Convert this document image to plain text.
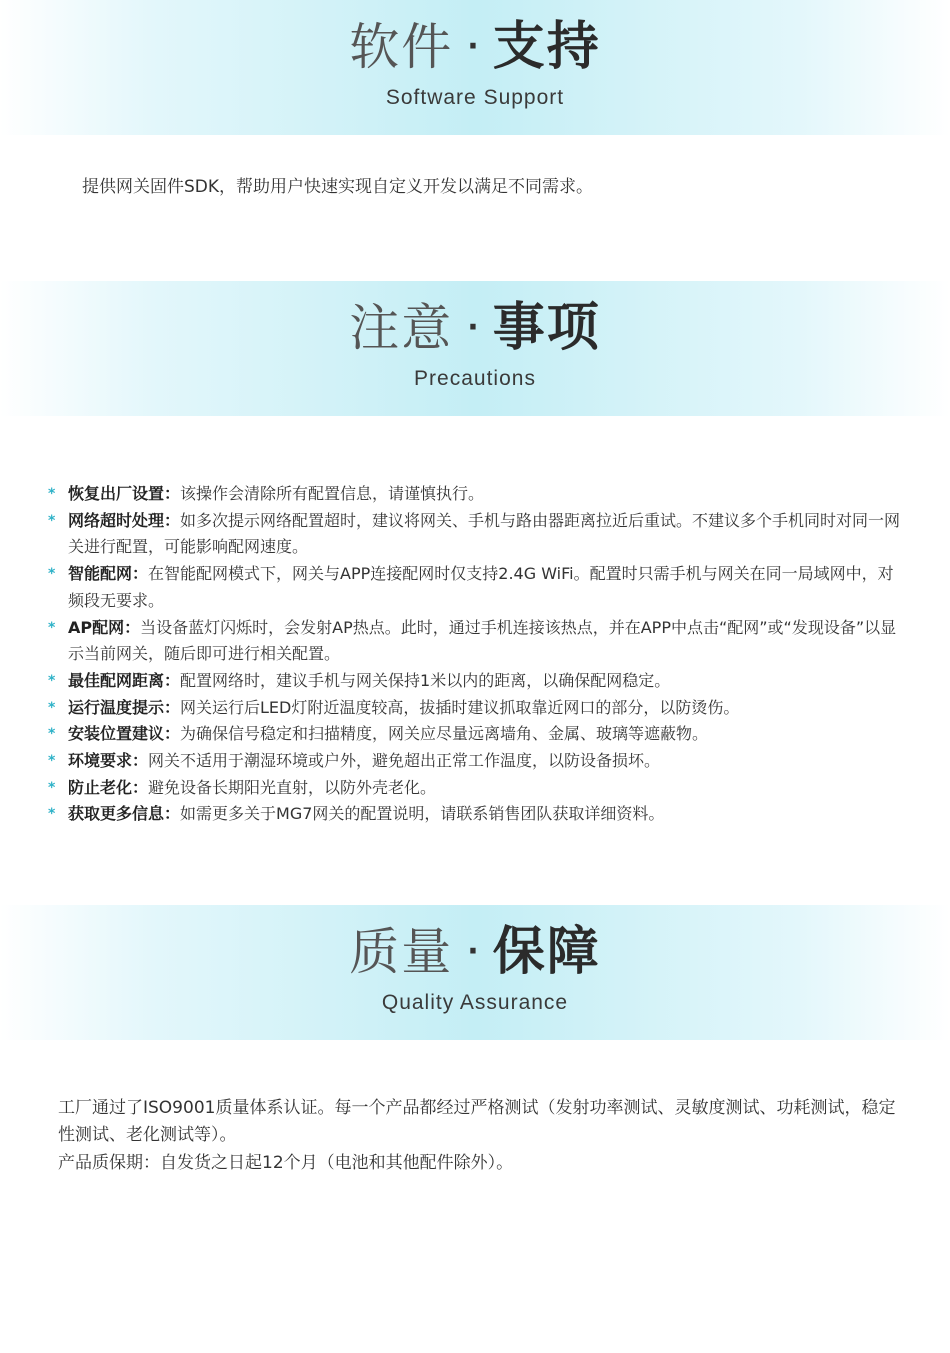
软件 · 支持
Software Support
提供网关固件SDK，帮助用户快速实现自定义开发以满足不同需求。
注意 · 事项
Precautions
* 恢复出厂设置：该操作会清除所有配置信息，请谨慎执行。
* 网络超时处理：如多次提示网络配置超时，建议将网关、手机与路由器距离拉近后重试。不建议多个手机同时对同一网关进行配置，可能影响配网速度。
* 智能配网：在智能配网模式下，网关与APP连接配网时仅支持2.4G WiFi。配置时只需手机与网关在同一局域网中，对频段无要求。
* AP配网：当设备蓝灯闪烁时，会发射AP热点。此时，通过手机连接该热点，并在APP中点击“配网”或“发现设备”以显示当前网关，随后即可进行相关配置。
* 最佳配网距离：配置网络时，建议手机与网关保持1米以内的距离，以确保配网稳定。
* 运行温度提示：网关运行后LED灯附近温度较高，拔插时建议抓取靠近网口的部分，以防烫伤。
* 安装位置建议：为确保信号稳定和扫描精度，网关应尽量远离墙角、金属、玻璃等遮蔽物。
* 环境要求：网关不适用于潮湿环境或户外，避免超出正常工作温度，以防设备损坏。
* 防止老化：避免设备长期阳光直射，以防外壳老化。
* 获取更多信息：如需更多关于MG7网关的配置说明，请联系销售团队获取详细资料。
质量 · 保障
Quality Assurance
工厂通过了ISO9001质量体系认证。每一个产品都经过严格测试（发射功率测试、灵敏度测试、功耗测试，稳定性测试、老化测试等）。
产品质保期：自发货之日起12个月（电池和其他配件除外）。
